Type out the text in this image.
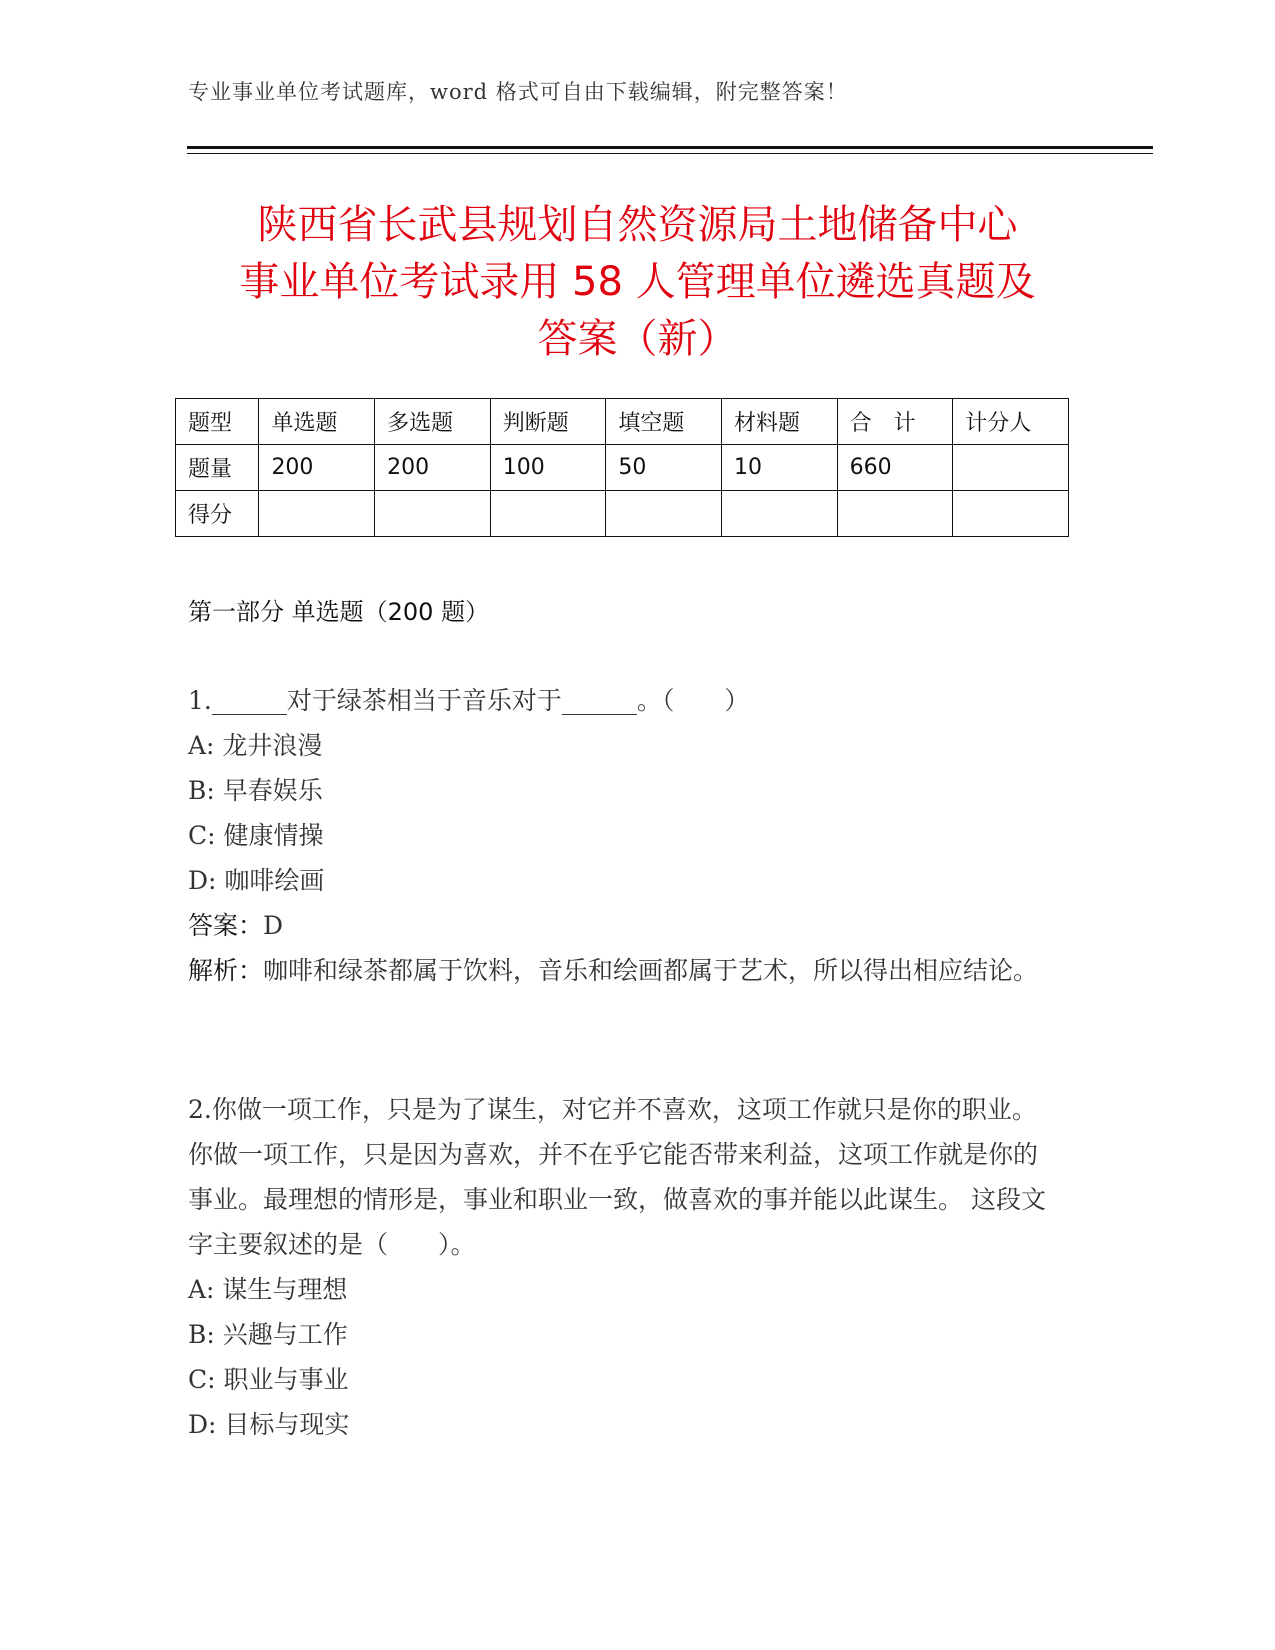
专业事业单位考试题库，word 格式可自由下载编辑，附完整答案！
陕西省长武县规划自然资源局土地储备中心
事业单位考试录用 58 人管理单位遴选真题及
答案（新）
题型	单选题	多选题	判断题	填空题	材料题	合　计	计分人
题量	200	200	100	50	10	660	
得分							
第一部分 单选题（200 题）
1.______对于绿茶相当于音乐对于______。（　　）
A: 龙井浪漫
B: 早春娱乐
C: 健康情操
D: 咖啡绘画
答案：D
解析：咖啡和绿茶都属于饮料，音乐和绘画都属于艺术，所以得出相应结论。
2.你做一项工作，只是为了谋生，对它并不喜欢，这项工作就只是你的职业。你做一项工作，只是因为喜欢，并不在乎它能否带来利益，这项工作就是你的事业。最理想的情形是，事业和职业一致，做喜欢的事并能以此谋生。 这段文字主要叙述的是（　　）。
A: 谋生与理想
B: 兴趣与工作
C: 职业与事业
D: 目标与现实
